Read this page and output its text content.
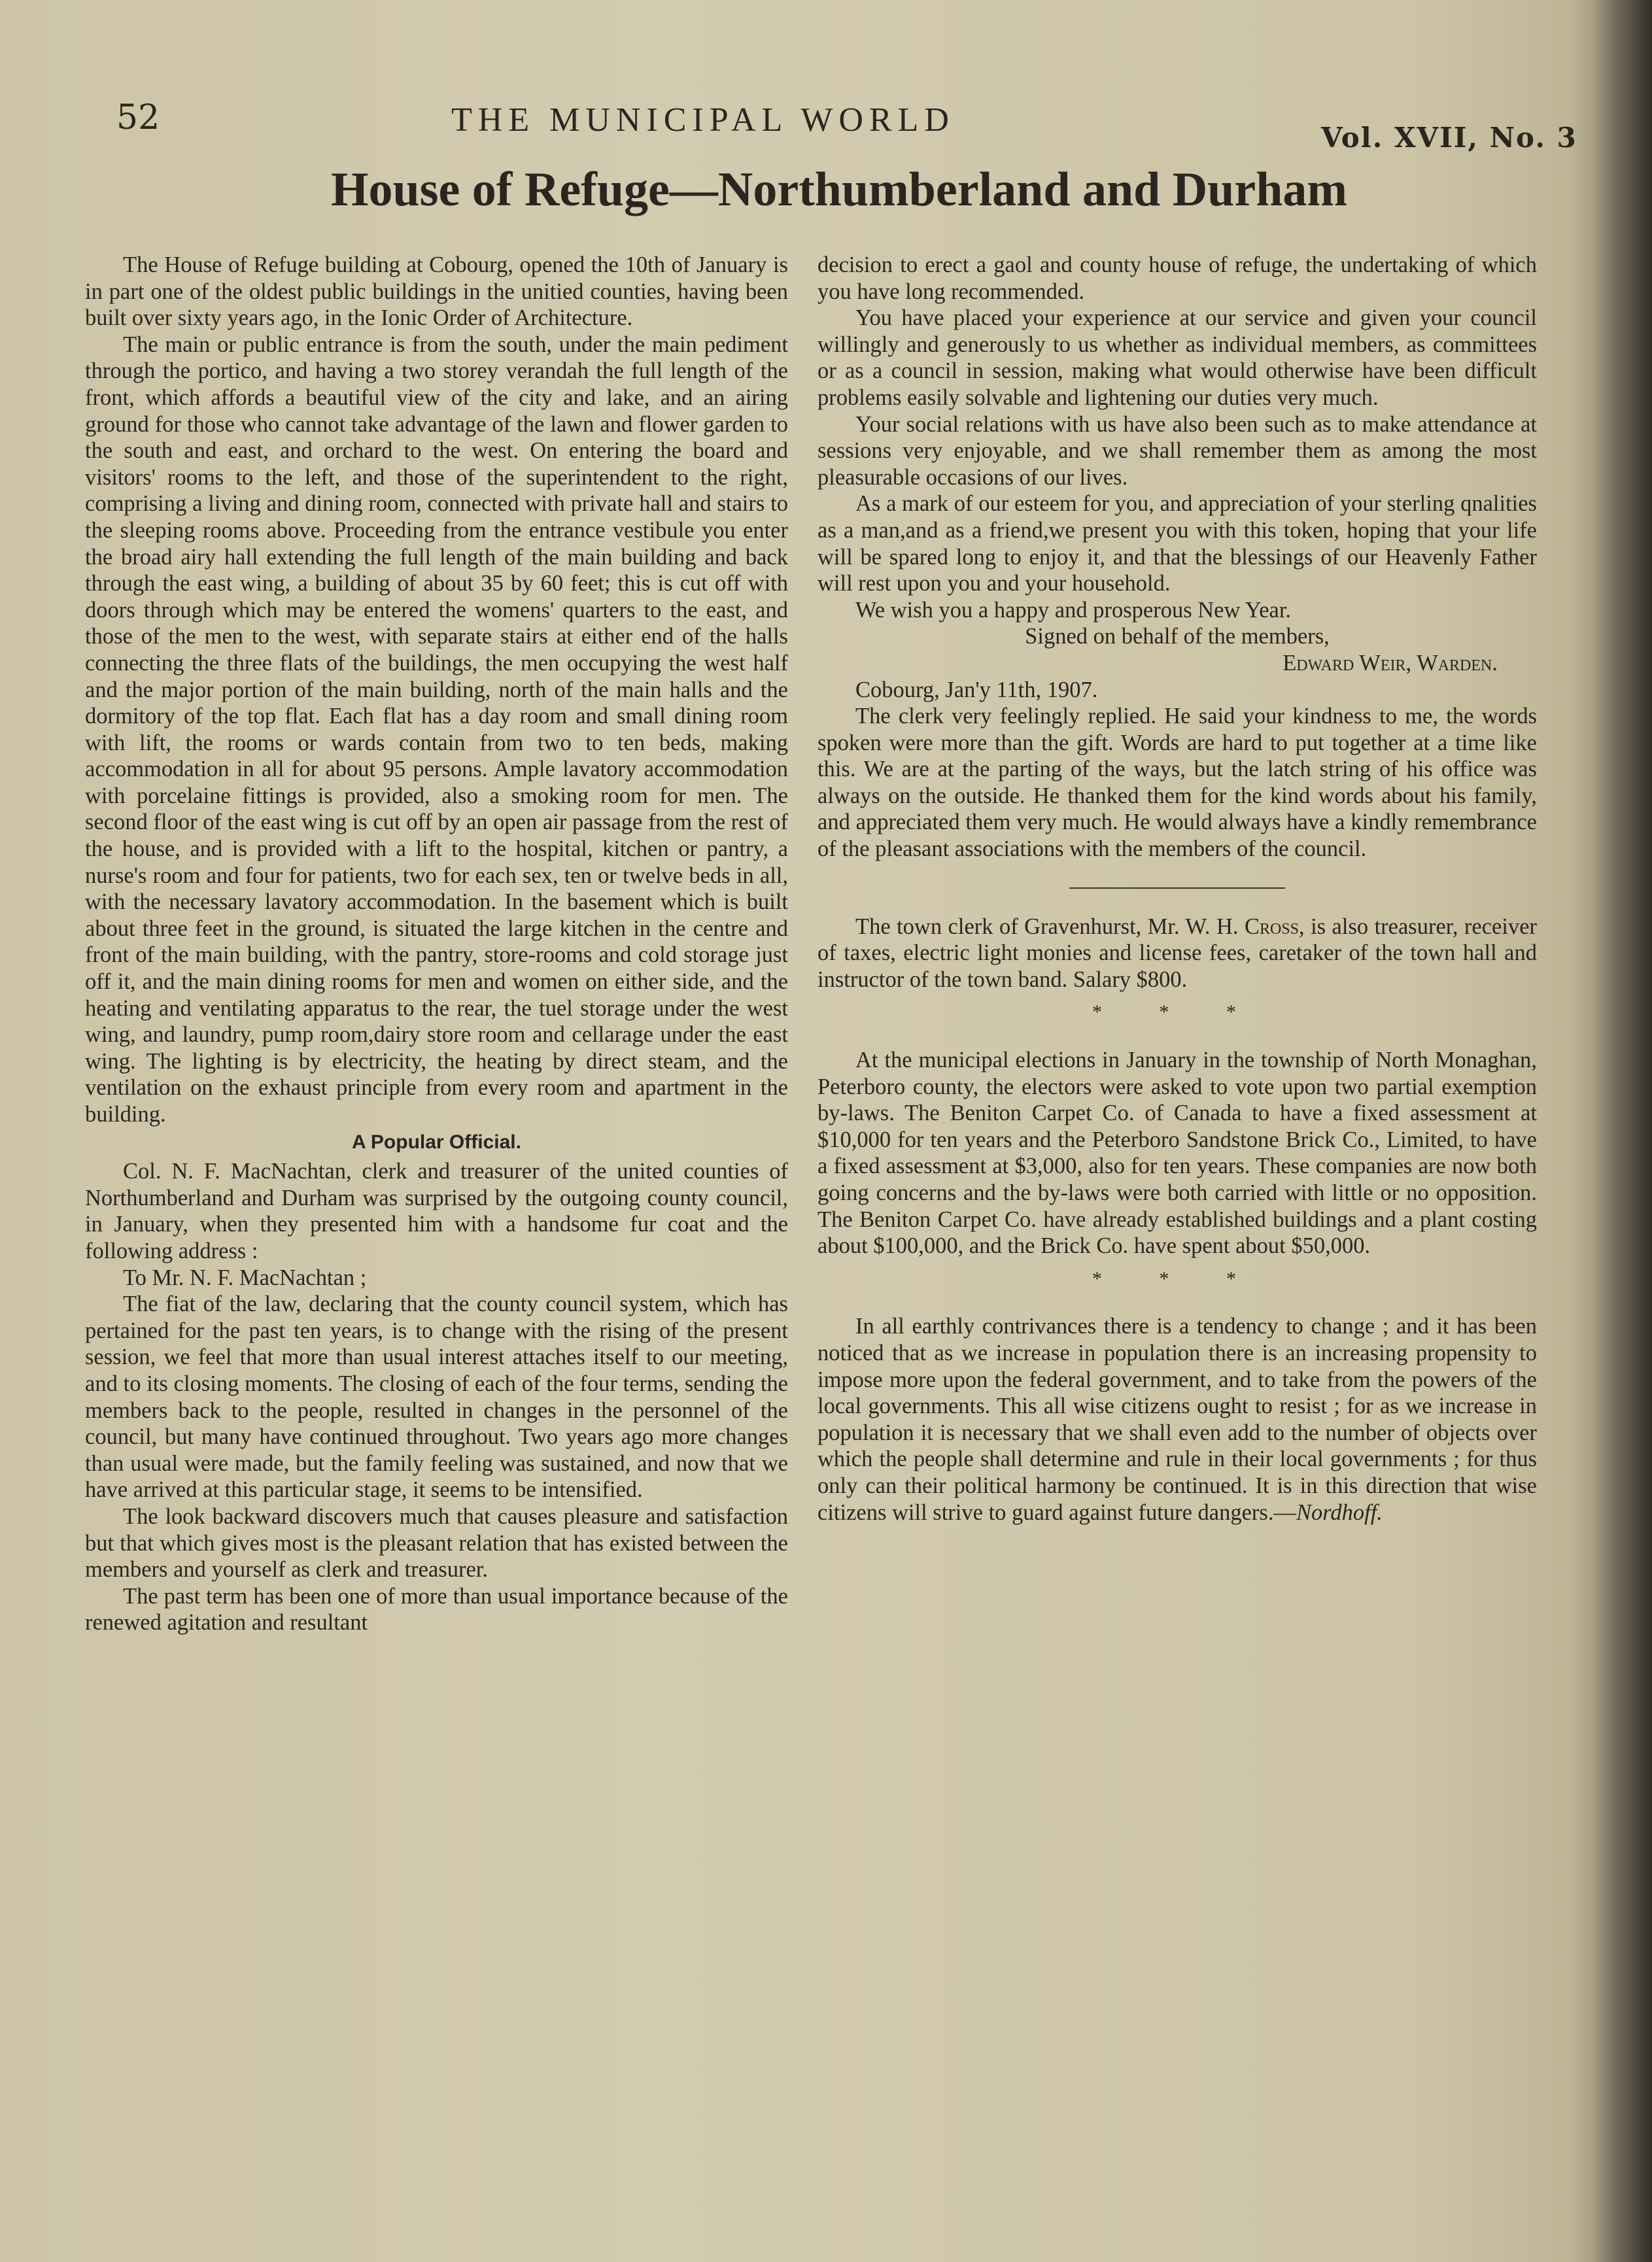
52	THE MUNICIPAL WORLD	Vol. XVII, No. 3
House of Refuge—Northumberland and Durham

The House of Refuge building at Cobourg, opened the 10th of January is in part one of the oldest public buildings in the unitied counties, having been built over sixty years ago, in the Ionic Order of Architecture.

The main or public entrance is from the south, under the main pediment through the portico, and having a two storey verandah the full length of the front, which affords a beautiful view of the city and lake, and an airing ground for those who cannot take advantage of the lawn and flower garden to the south and east, and orchard to the west. On entering the board and visitors' rooms to the left, and those of the superintendent to the right, comprising a living and dining room, connected with private hall and stairs to the sleeping rooms above. Proceeding from the entrance vestibule you enter the broad airy hall extending the full length of the main building and back through the east wing, a building of about 35 by 60 feet; this is cut off with doors through which may be entered the womens' quarters to the east, and those of the men to the west, with separate stairs at either end of the halls connecting the three flats of the buildings, the men occupying the west half and the major portion of the main building, north of the main halls and the dormitory of the top flat. Each flat has a day room and small dining room with lift, the rooms or wards contain from two to ten beds, making accommodation in all for about 95 persons. Ample lavatory accommodation with porcelaine fittings is provided, also a smoking room for men. The second floor of the east wing is cut off by an open air passage from the rest of the house, and is provided with a lift to the hospital, kitchen or pantry, a nurse's room and four for patients, two for each sex, ten or twelve beds in all, with the necessary lavatory accommodation. In the basement which is built about three feet in the ground, is situated the large kitchen in the centre and front of the main building, with the pantry, store-rooms and cold storage just off it, and the main dining rooms for men and women on either side, and the heating and ventilating apparatus to the rear, the tuel storage under the west wing, and laundry, pump room,dairy store room and cellarage under the east wing. The lighting is by electricity, the heating by direct steam, and the ventilation on the exhaust principle from every room and apartment in the building.

A Popular Official.

Col. N. F. MacNachtan, clerk and treasurer of the united counties of Northumberland and Durham was surprised by the outgoing county council, in January, when they presented him with a handsome fur coat and the following address :

To Mr. N. F. MacNachtan ;

The fiat of the law, declaring that the county council system, which has pertained for the past ten years, is to change with the rising of the present session, we feel that more than usual interest attaches itself to our meeting, and to its closing moments. The closing of each of the four terms, sending the members back to the people, resulted in changes in the personnel of the council, but many have continued throughout. Two years ago more changes than usual were made, but the family feeling was sustained, and now that we have arrived at this particular stage, it seems to be intensified.

The look backward discovers much that causes pleasure and satisfaction but that which gives most is the pleasant relation that has existed between the members and yourself as clerk and treasurer.

The past term has been one of more than usual importance because of the renewed agitation and resultant

decision to erect a gaol and county house of refuge, the undertaking of which you have long recommended.

You have placed your experience at our service and given your council willingly and generously to us whether as individual members, as committees or as a council in session, making what would otherwise have been difficult problems easily solvable and lightening our duties very much.

Your social relations with us have also been such as to make attendance at sessions very enjoyable, and we shall remember them as among the most pleasurable occasions of our lives.

As a mark of our esteem for you, and appreciation of your sterling qnalities as a man,and as a friend,we present you with this token, hoping that your life will be spared long to enjoy it, and that the blessings of our Heavenly Father will rest upon you and your household.

We wish you a happy and prosperous New Year.

Signed on behalf of the members,
Edward Weir, Warden.

Cobourg, Jan'y 11th, 1907.

The clerk very feelingly replied. He said your kindness to me, the words spoken were more than the gift. Words are hard to put together at a time like this. We are at the parting of the ways, but the latch string of his office was always on the outside. He thanked them for the kind words about his family, and appreciated them very much. He would always have a kindly remembrance of the pleasant associations with the members of the council.

The town clerk of Gravenhurst, Mr. W. H. Cross, is also treasurer, receiver of taxes, electric light monies and license fees, caretaker of the town hall and instructor of the town band. Salary $800.

* * *

At the municipal elections in January in the township of North Monaghan, Peterboro county, the electors were asked to vote upon two partial exemption by-laws. The Beniton Carpet Co. of Canada to have a fixed assessment at $10,000 for ten years and the Peterboro Sandstone Brick Co., Limited, to have a fixed assessment at $3,000, also for ten years. These companies are now both going concerns and the by-laws were both carried with little or no opposition. The Beniton Carpet Co. have already established buildings and a plant costing about $100,000, and the Brick Co. have spent about $50,000.

* * *

In all earthly contrivances there is a tendency to change ; and it has been noticed that as we increase in population there is an increasing propensity to impose more upon the federal government, and to take from the powers of the local governments. This all wise citizens ought to resist ; for as we increase in population it is necessary that we shall even add to the number of objects over which the people shall determine and rule in their local governments ; for thus only can their political harmony be continued. It is in this direction that wise citizens will strive to guard against future dangers.—Nordhoff.
